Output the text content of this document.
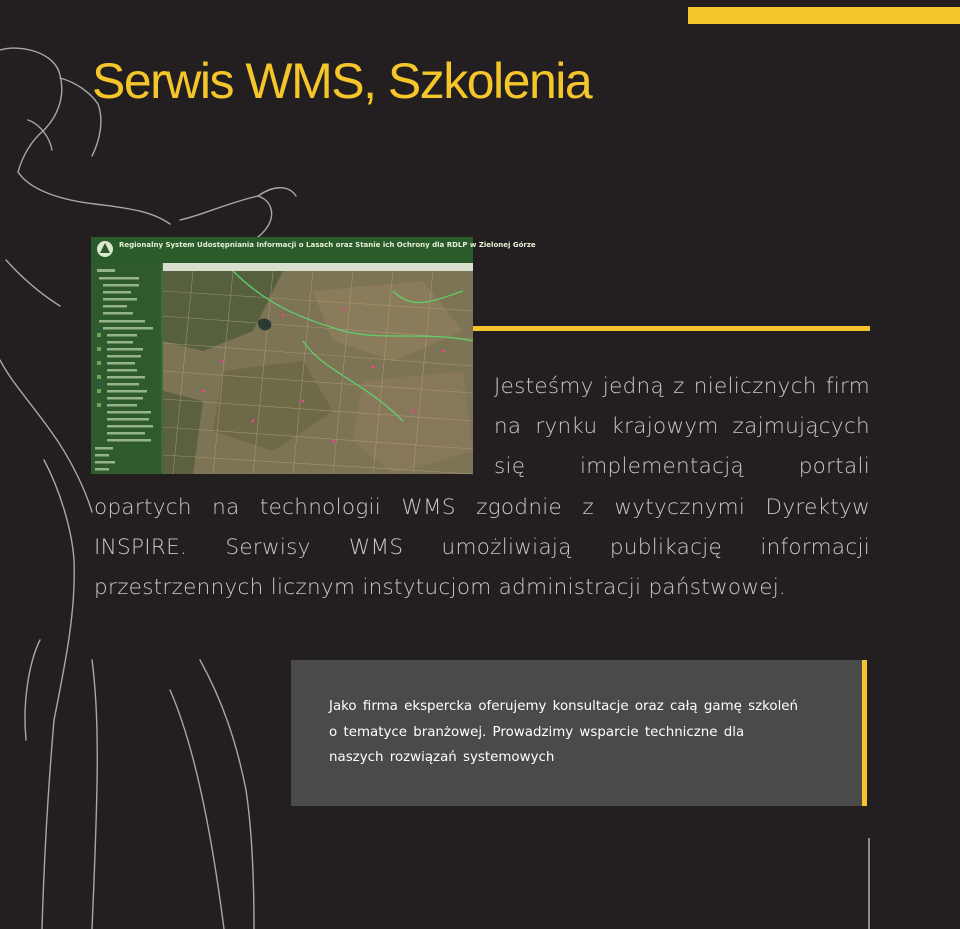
Serwis WMS, Szkolenia
Regionalny System Udostępniania Informacji o Lasach oraz Stanie ich Ochrony dla RDLP w Zielonej Górze

Jesteśmy jedną z nielicznych firm na rynku krajowym zajmujących się implementacją portali opartych na technologii WMS zgodnie z wytycznymi Dyrektyw INSPIRE. Serwisy WMS umożliwiają publikację informacji przestrzennych licznym instytucjom administracji państwowej.

Jako firma ekspercka oferujemy konsultacje oraz całą gamę szkoleń o tematyce branżowej. Prowadzimy wsparcie techniczne dla naszych rozwiązań systemowych
